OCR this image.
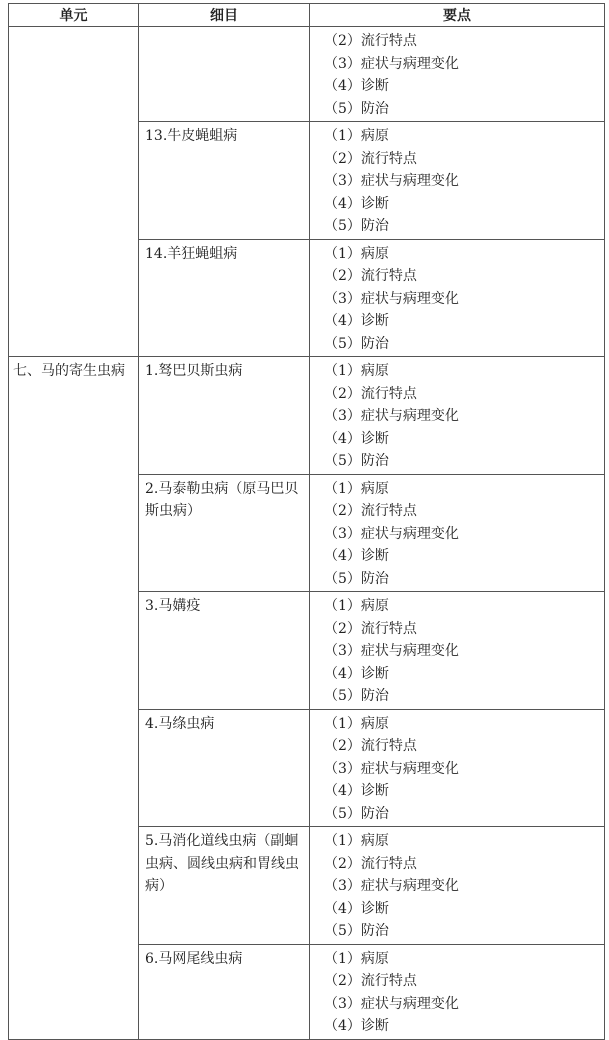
单元	细目	要点

		（2）流行特点
（3）症状与病理变化
（4）诊断
（5）防治

	13.牛皮蝇蛆病	（1）病原
（2）流行特点
（3）症状与病理变化
（4）诊断
（5）防治

	14.羊狂蝇蛆病	（1）病原
（2）流行特点
（3）症状与病理变化
（4）诊断
（5）防治

七、马的寄生虫病	1.驽巴贝斯虫病	（1）病原
（2）流行特点
（3）症状与病理变化
（4）诊断
（5）防治

	2.马泰勒虫病（原马巴贝斯虫病）	（1）病原
（2）流行特点
（3）症状与病理变化
（4）诊断
（5）防治

	3.马媾疫	（1）病原
（2）流行特点
（3）症状与病理变化
（4）诊断
（5）防治

	4.马绦虫病	（1）病原
（2）流行特点
（3）症状与病理变化
（4）诊断
（5）防治

	5.马消化道线虫病（副蛔虫病、圆线虫病和胃线虫病）	（1）病原
（2）流行特点
（3）症状与病理变化
（4）诊断
（5）防治

	6.马网尾线虫病	（1）病原
（2）流行特点
（3）症状与病理变化
（4）诊断
